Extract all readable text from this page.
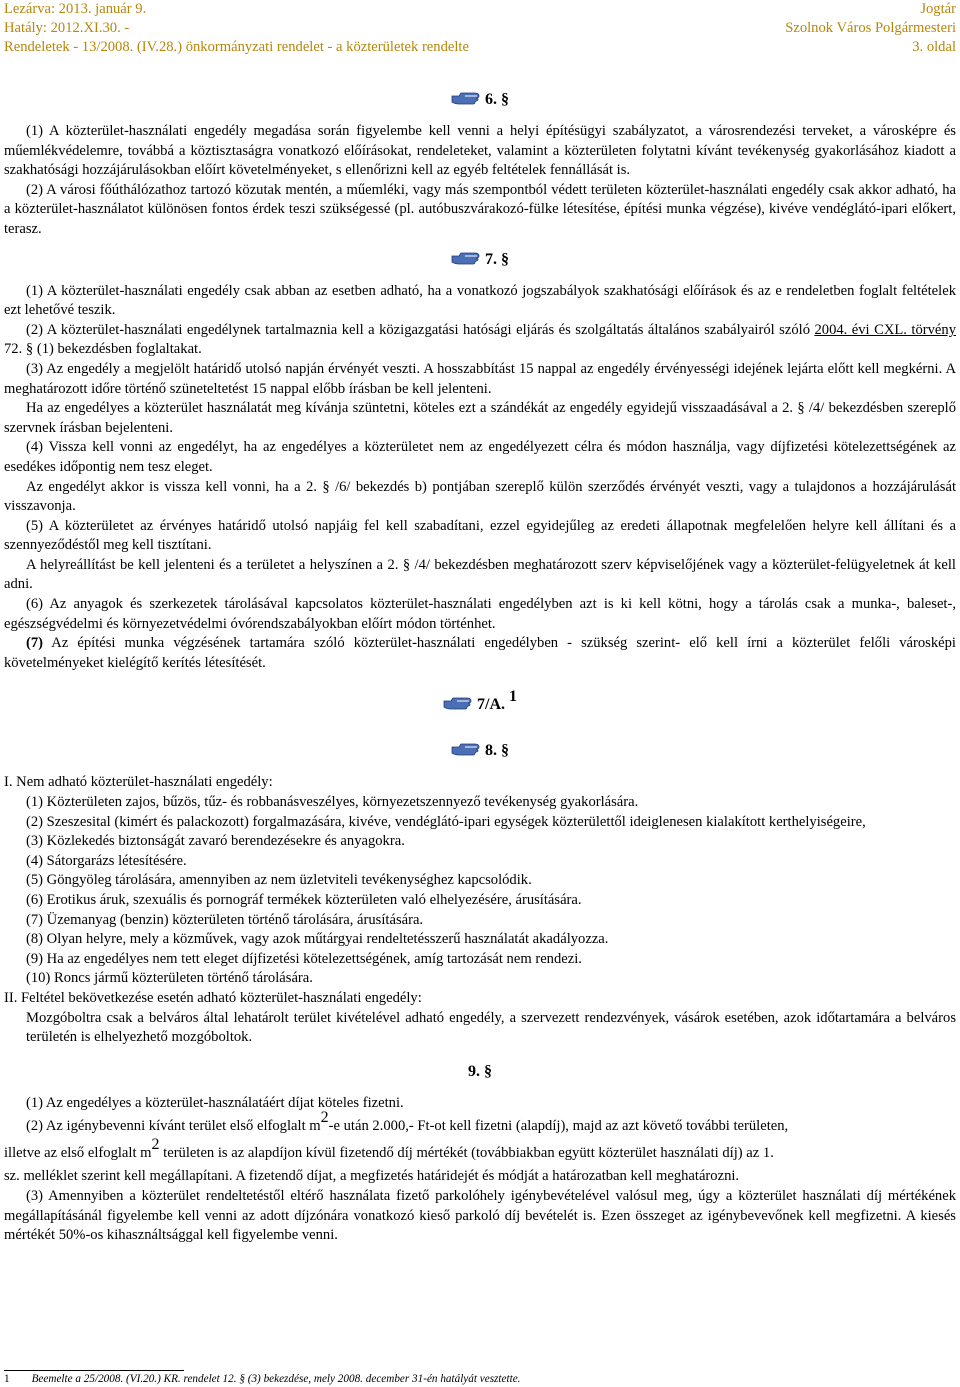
Lezárva: 2013. január 9.
Hatály: 2012.XI.30. -
Rendeletek - 13/2008. (IV.28.) önkormányzati rendelet - a közterületek rendelte
Jogtár
Szolnok Város Polgármesteri
3. oldal
6. §

(1) A közterület-használati engedély megadása során figyelembe kell venni a helyi építésügyi szabályzatot, a városrendezési terveket, a városképre és műemlékvédelemre, továbbá a köztisztaságra vonatkozó előírásokat, rendeleteket, valamint a közterületen folytatni kívánt tevékenység gyakorlásához kiadott a szakhatósági hozzájárulásokban előírt követelményeket, s ellenőrizni kell az egyéb feltételek fennállását is.

(2) A városi főúthálózathoz tartozó közutak mentén, a műemléki, vagy más szempontból védett területen közterület-használati engedély csak akkor adható, ha a közterület-használatot különösen fontos érdek teszi szükségessé (pl. autóbuszvárakozó-fülke létesítése, építési munka végzése), kivéve vendéglátó-ipari előkert, terasz.

7. §

(1) A közterület-használati engedély csak abban az esetben adható, ha a vonatkozó jogszabályok szakhatósági előírások és az e rendeletben foglalt feltételek ezt lehetővé teszik.

(2) A közterület-használati engedélynek tartalmaznia kell a közigazgatási hatósági eljárás és szolgáltatás általános szabályairól szóló 2004. évi CXL. törvény 72. § (1) bekezdésben foglaltakat.

(3) Az engedély a megjelölt határidő utolsó napján érvényét veszti. A hosszabbítást 15 nappal az engedély érvényességi idejének lejárta előtt kell megkérni. A meghatározott időre történő szüneteltetést 15 nappal előbb írásban be kell jelenteni.

Ha az engedélyes a közterület használatát meg kívánja szüntetni, köteles ezt a szándékát az engedély egyidejű visszaadásával a 2. § /4/ bekezdésben szereplő szervnek írásban bejelenteni.

(4) Vissza kell vonni az engedélyt, ha az engedélyes a közterületet nem az engedélyezett célra és módon használja, vagy díjfizetési kötelezettségének az esedékes időpontig nem tesz eleget.

Az engedélyt akkor is vissza kell vonni, ha a 2. § /6/ bekezdés b) pontjában szereplő külön szerződés érvényét veszti, vagy a tulajdonos a hozzájárulását visszavonja.

(5) A közterületet az érvényes határidő utolsó napjáig fel kell szabadítani, ezzel egyidejűleg az eredeti állapotnak megfelelően helyre kell állítani és a szennyeződéstől meg kell tisztítani.

A helyreállítást be kell jelenteni és a területet a helyszínen a 2. § /4/ bekezdésben meghatározott szerv képviselőjének vagy a közterület-felügyeletnek át kell adni.

(6) Az anyagok és szerkezetek tárolásával kapcsolatos közterület-használati engedélyben azt is ki kell kötni, hogy a tárolás csak a munka-, baleset-, egészségvédelmi és környezetvédelmi óvórendszabályokban előírt módon történhet.

(7) Az építési munka végzésének tartamára szóló közterület-használati engedélyben - szükség szerint- elő kell írni a közterület felőli városképi követelményeket kielégítő kerítés létesítését.

7/A. 1
8. §

I. Nem adható közterület-használati engedély:

(1) Közterületen zajos, bűzös, tűz- és robbanásveszélyes, környezetszennyező tevékenység gyakorlására.

(2) Szeszesital (kimért és palackozott) forgalmazására, kivéve, vendéglátó-ipari egységek közterülettől ideiglenesen kialakított kerthelyiségeire,

(3) Közlekedés biztonságát zavaró berendezésekre és anyagokra.

(4) Sátorgarázs létesítésére.

(5) Göngyöleg tárolására, amennyiben az nem üzletviteli tevékenységhez kapcsolódik.

(6) Erotikus áruk, szexuális és pornográf termékek közterületen való elhelyezésére, árusítására.

(7) Üzemanyag (benzin) közterületen történő tárolására, árusítására.

(8) Olyan helyre, mely a közművek, vagy azok műtárgyai rendeltetésszerű használatát akadályozza.

(9) Ha az engedélyes nem tett eleget díjfizetési kötelezettségének, amíg tartozását nem rendezi.

(10) Roncs jármű közterületen történő tárolására.

II. Feltétel bekövetkezése esetén adható közterület-használati engedély:

Mozgóboltra csak a belváros által lehatárolt terület kivételével adható engedély, a szervezett rendezvények, vásárok esetében, azok időtartamára a belváros területén is elhelyezhető mozgóboltok.

9. §

(1) Az engedélyes a közterület-használatáért díjat köteles fizetni.

(2) Az igénybevenni kívánt terület első elfoglalt m2-e után 2.000,- Ft-ot kell fizetni (alapdíj), majd az azt követő további területen,

illetve az első elfoglalt m2 területen is az alapdíjon kívül fizetendő díj mértékét (továbbiakban együtt közterület használati díj) az 1.

sz. melléklet szerint kell megállapítani. A fizetendő díjat, a megfizetés határidejét és módját a határozatban kell meghatározni.

(3) Amennyiben a közterület rendeltetéstől eltérő használata fizető parkolóhely igénybevételével valósul meg, úgy a közterület használati díj mértékének megállapításánál figyelembe kell venni az adott díjzónára vonatkozó kieső parkoló díj bevételét is. Ezen összeget az igénybevevőnek kell megfizetni. A kiesés mértékét 50%-os kihasználtsággal kell figyelembe venni.

1 Beemelte a 25/2008. (VI.20.) KR. rendelet 12. § (3) bekezdése, mely 2008. december 31-én hatályát vesztette.
